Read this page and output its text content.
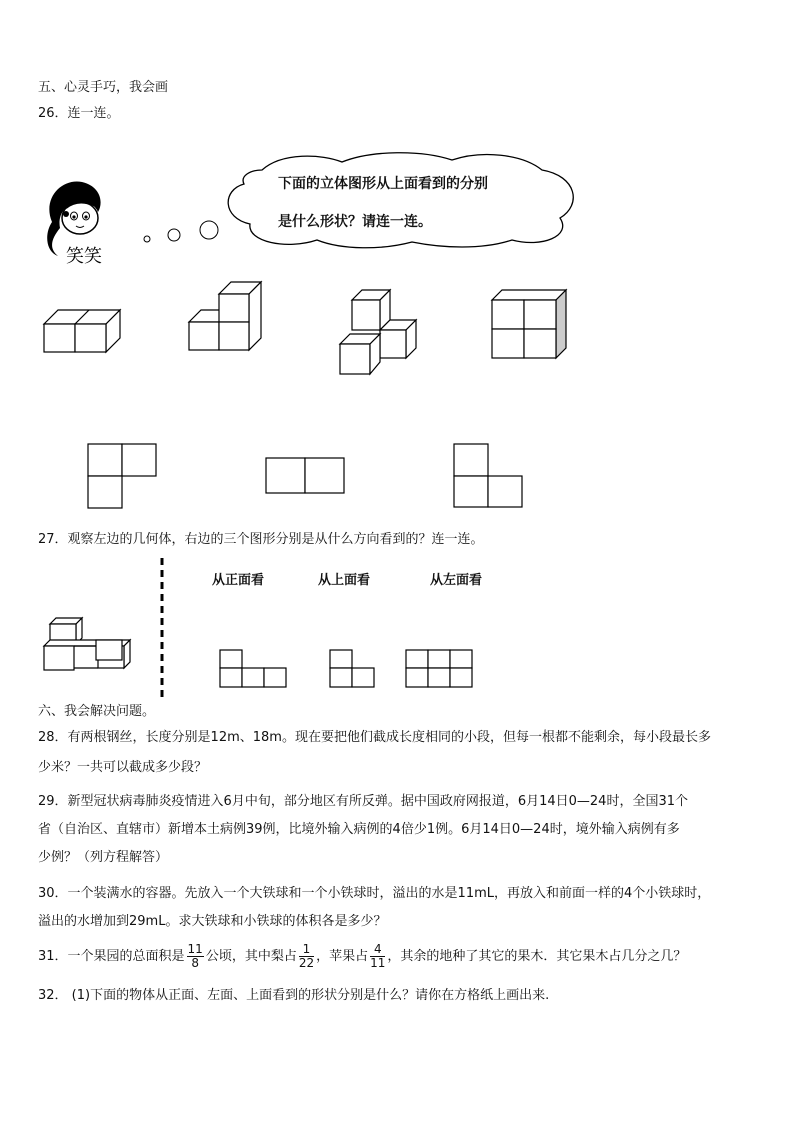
五、心灵手巧，我会画
26．连一连。
笑笑
下面的立体图形从上面看到的分别
是什么形状？请连一连。
27．观察左边的几何体，右边的三个图形分别是从什么方向看到的？连一连。
从正面看	从上面看	从左面看
六、我会解决问题。
28．有两根钢丝，长度分别是12m、18m。现在要把他们截成长度相同的小段，但每一根都不能剩余，每小段最长多
少米？一共可以截成多少段？
29．新型冠状病毒肺炎疫情进入6月中旬，部分地区有所反弹。据中国政府网报道，6月14日0—24时，全国31个
省（自治区、直辖市）新增本土病例39例，比境外输入病例的4倍少1例。6月14日0—24时，境外输入病例有多
少例？（列方程解答）
30．一个装满水的容器。先放入一个大铁球和一个小铁球时，溢出的水是11mL，再放入和前面一样的4个小铁球时，
溢出的水增加到29mL。求大铁球和小铁球的体积各是多少？
31．一个果园的总面积是 $\frac{11}{8}$ 公顷，其中梨占 $\frac{1}{22}$ ，苹果占 $\frac{4}{11}$ ，其余的地种了其它的果木．其它果木占几分之几？
32． (1)下面的物体从正面、左面、上面看到的形状分别是什么？请你在方格纸上画出来.
